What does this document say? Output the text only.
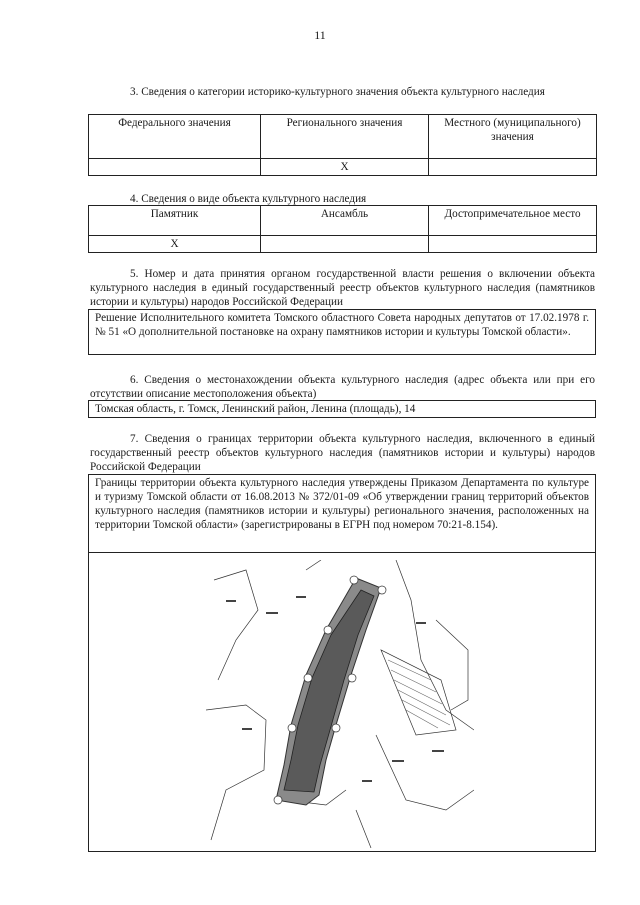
11
3. Сведения о категории историко-культурного значения объекта культурного наследия
Федерального значения	Регионального значения	Местного (муниципального) значения
	X	
4. Сведения о виде объекта культурного наследия
Памятник	Ансамбль	Достопримечательное место
X		
5. Номер и дата принятия органом государственной власти решения о включении объекта культурного наследия в единый государственный реестр объектов культурного наследия (памятников истории и культуры) народов Российской Федерации
Решение Исполнительного комитета Томского областного Совета народных депутатов от 17.02.1978 г. № 51 «О дополнительной постановке на охрану памятников истории и культуры Томской области».
6. Сведения о местонахождении объекта культурного наследия (адрес объекта или при его отсутствии описание местоположения объекта)
Томская область, г. Томск, Ленинский район, Ленина (площадь), 14
7. Сведения о границах территории объекта культурного наследия, включенного в единый государственный реестр объектов культурного наследия (памятников истории и культуры) народов Российской Федерации
Границы территории объекта культурного наследия утверждены Приказом Департамента по культуре и туризму Томской области от 16.08.2013 № 372/01-09 «Об утверждении границ территорий объектов культурного наследия (памятников истории и культуры) регионального значения, расположенных на территории Томской области» (зарегистрированы в ЕГРН под номером 70:21-8.154).
